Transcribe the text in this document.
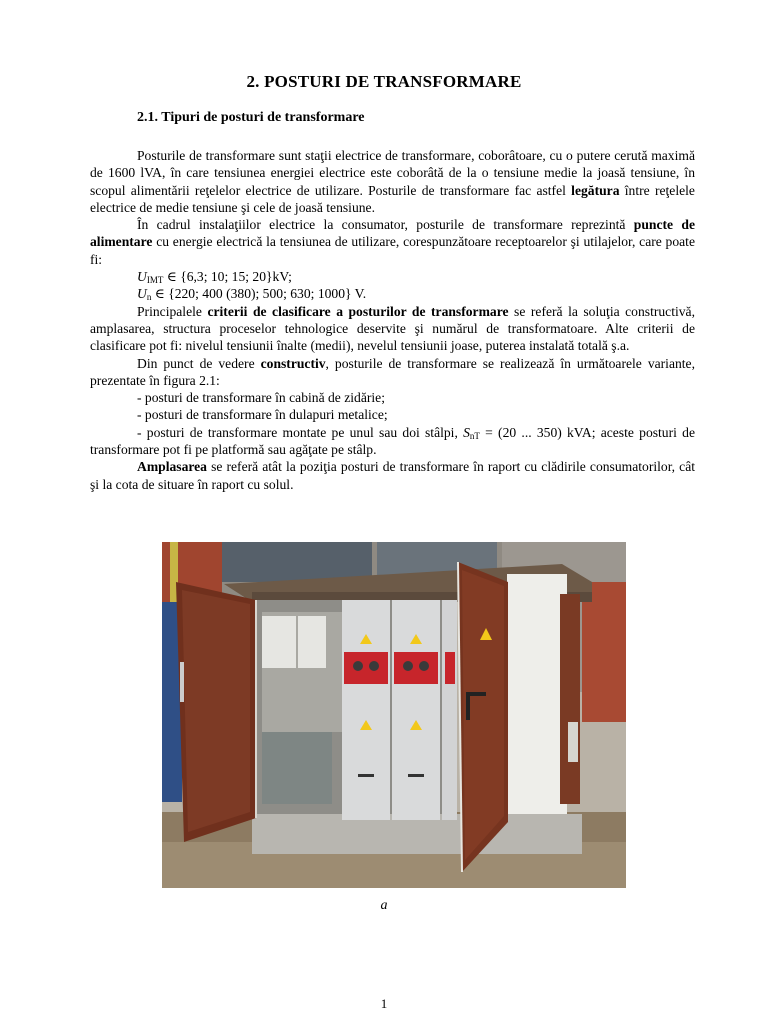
2. POSTURI DE TRANSFORMARE
2.1. Tipuri de posturi de transformare

Posturile de transformare sunt staţii electrice de transformare, coborâtoare, cu o putere cerută maximă de 1600 lVA, în care tensiunea energiei electrice este coborâtă de la o tensiune medie la joasă tensiune, în scopul alimentării reţelelor electrice de utilizare. Posturile de transformare fac astfel legătura între reţelele electrice de medie tensiune şi cele de joasă tensiune.

În cadrul instalaţiilor electrice la consumator, posturile de transformare reprezintă puncte de alimentare cu energie electrică la tensiunea de utilizare, corespunzătoare receptoarelor şi utilajelor, care poate fi:

$U_{IMT}$ ∈ {6,3; 10; 15; 20}kV;

$U_n$ ∈ {220; 400 (380); 500; 630; 1000} V.

Principalele criterii de clasificare a posturilor de transformare se referă la soluţia constructivă, amplasarea, structura proceselor tehnologice deservite şi numărul de transformatoare. Alte criterii de clasificare pot fi: nivelul tensiunii înalte (medii), nevelul tensiunii joase, puterea instalată totală ş.a.

Din punct de vedere constructiv, posturile de transformare se realizează în următoarele variante, prezentate în figura 2.1:

- posturi de transformare în cabină de zidărie;

- posturi de transformare în dulapuri metalice;

- posturi de transformare montate pe unul sau doi stâlpi, $S_{nT} = (20$ ... 350) kVA; aceste posturi de transformare pot fi pe platformă sau agăţate pe stâlp.

Amplasarea se referă atât la poziţia posturi de transformare în raport cu clădirile consumatorilor, cât şi la cota de situare în raport cu solul.

a
1
